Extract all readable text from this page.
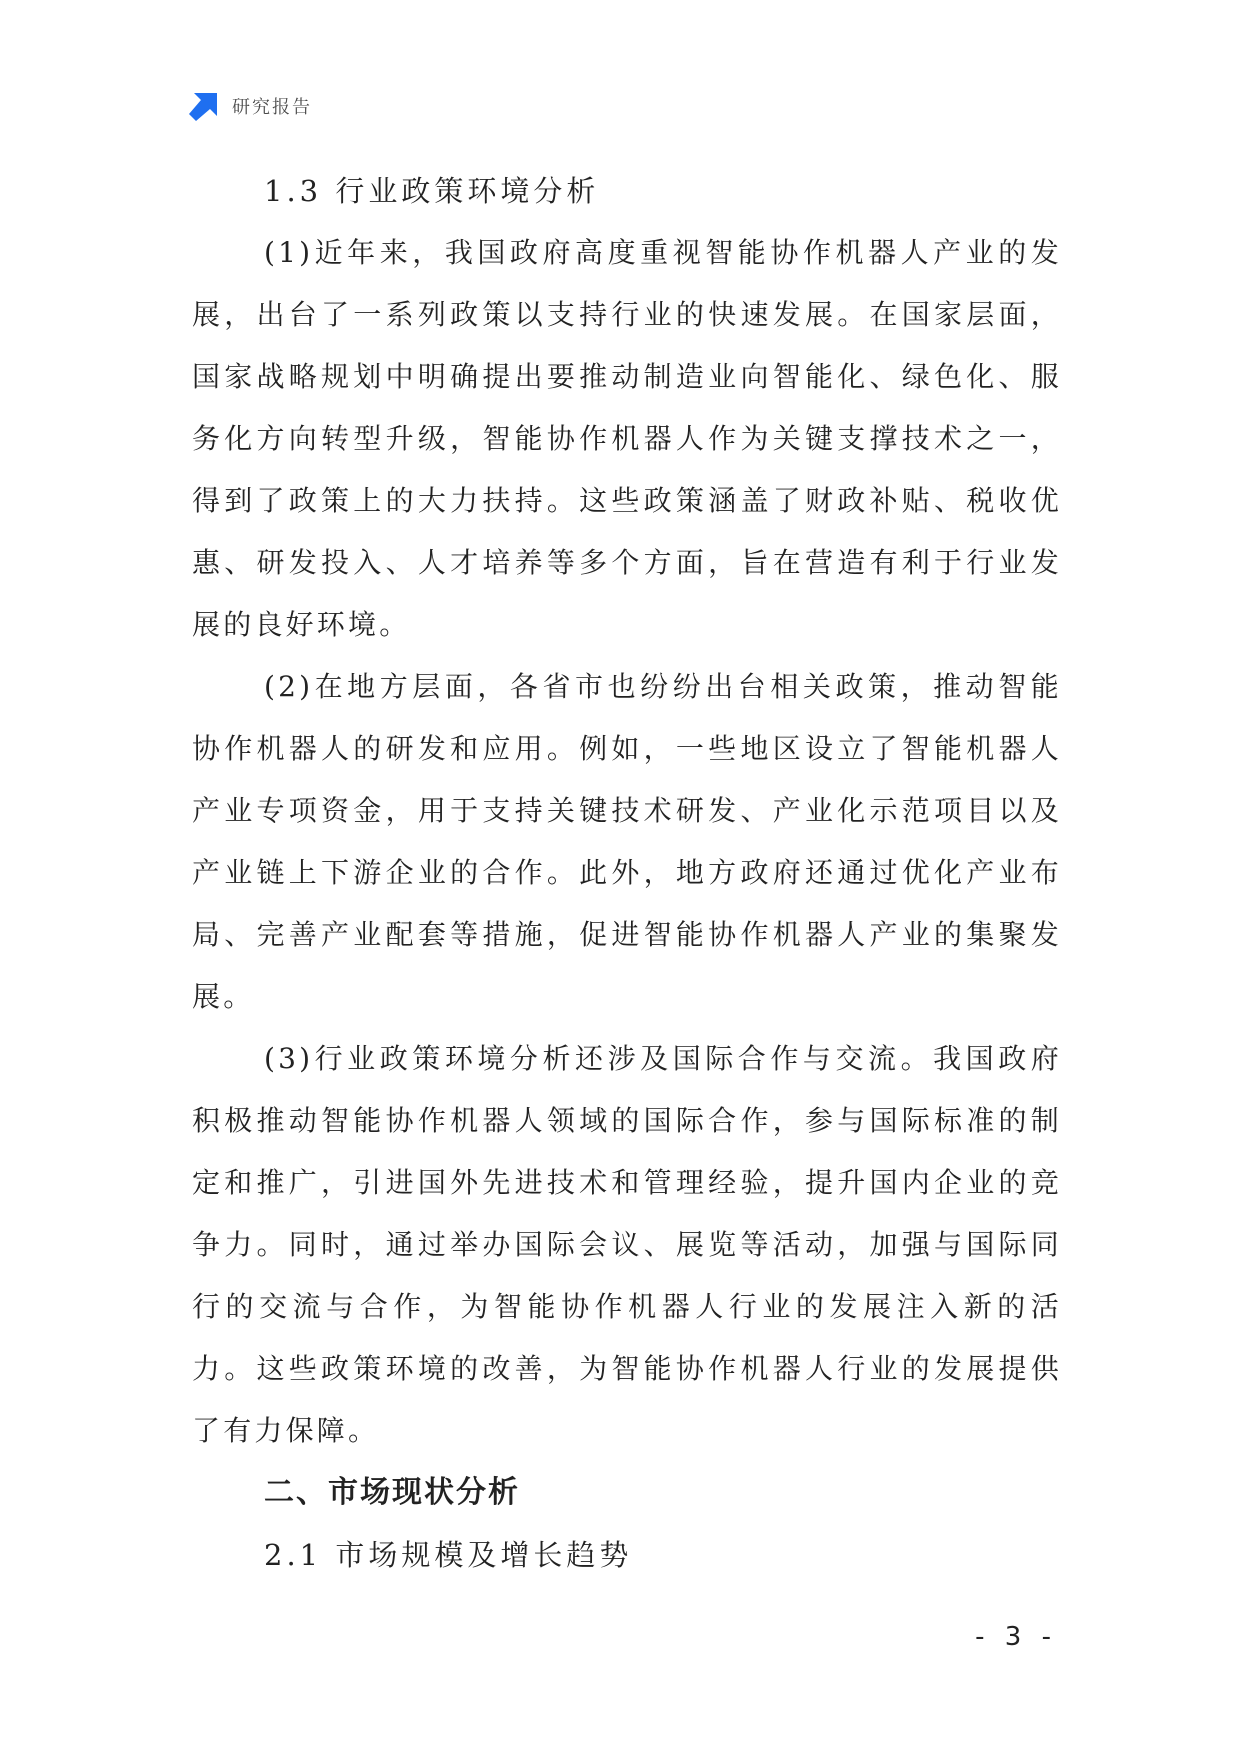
研究报告
1.3 行业政策环境分析

(1)近年来，我国政府高度重视智能协作机器人产业的发展，出台了一系列政策以支持行业的快速发展。在国家层面，国家战略规划中明确提出要推动制造业向智能化、绿色化、服务化方向转型升级，智能协作机器人作为关键支撑技术之一，得到了政策上的大力扶持。这些政策涵盖了财政补贴、税收优惠、研发投入、人才培养等多个方面，旨在营造有利于行业发展的良好环境。

(2)在地方层面，各省市也纷纷出台相关政策，推动智能协作机器人的研发和应用。例如，一些地区设立了智能机器人产业专项资金，用于支持关键技术研发、产业化示范项目以及产业链上下游企业的合作。此外，地方政府还通过优化产业布局、完善产业配套等措施，促进智能协作机器人产业的集聚发展。

(3)行业政策环境分析还涉及国际合作与交流。我国政府积极推动智能协作机器人领域的国际合作，参与国际标准的制定和推广，引进国外先进技术和管理经验，提升国内企业的竞争力。同时，通过举办国际会议、展览等活动，加强与国际同行的交流与合作，为智能协作机器人行业的发展注入新的活力。这些政策环境的改善，为智能协作机器人行业的发展提供了有力保障。

二、市场现状分析
2.1 市场规模及增长趋势
- 3 -
